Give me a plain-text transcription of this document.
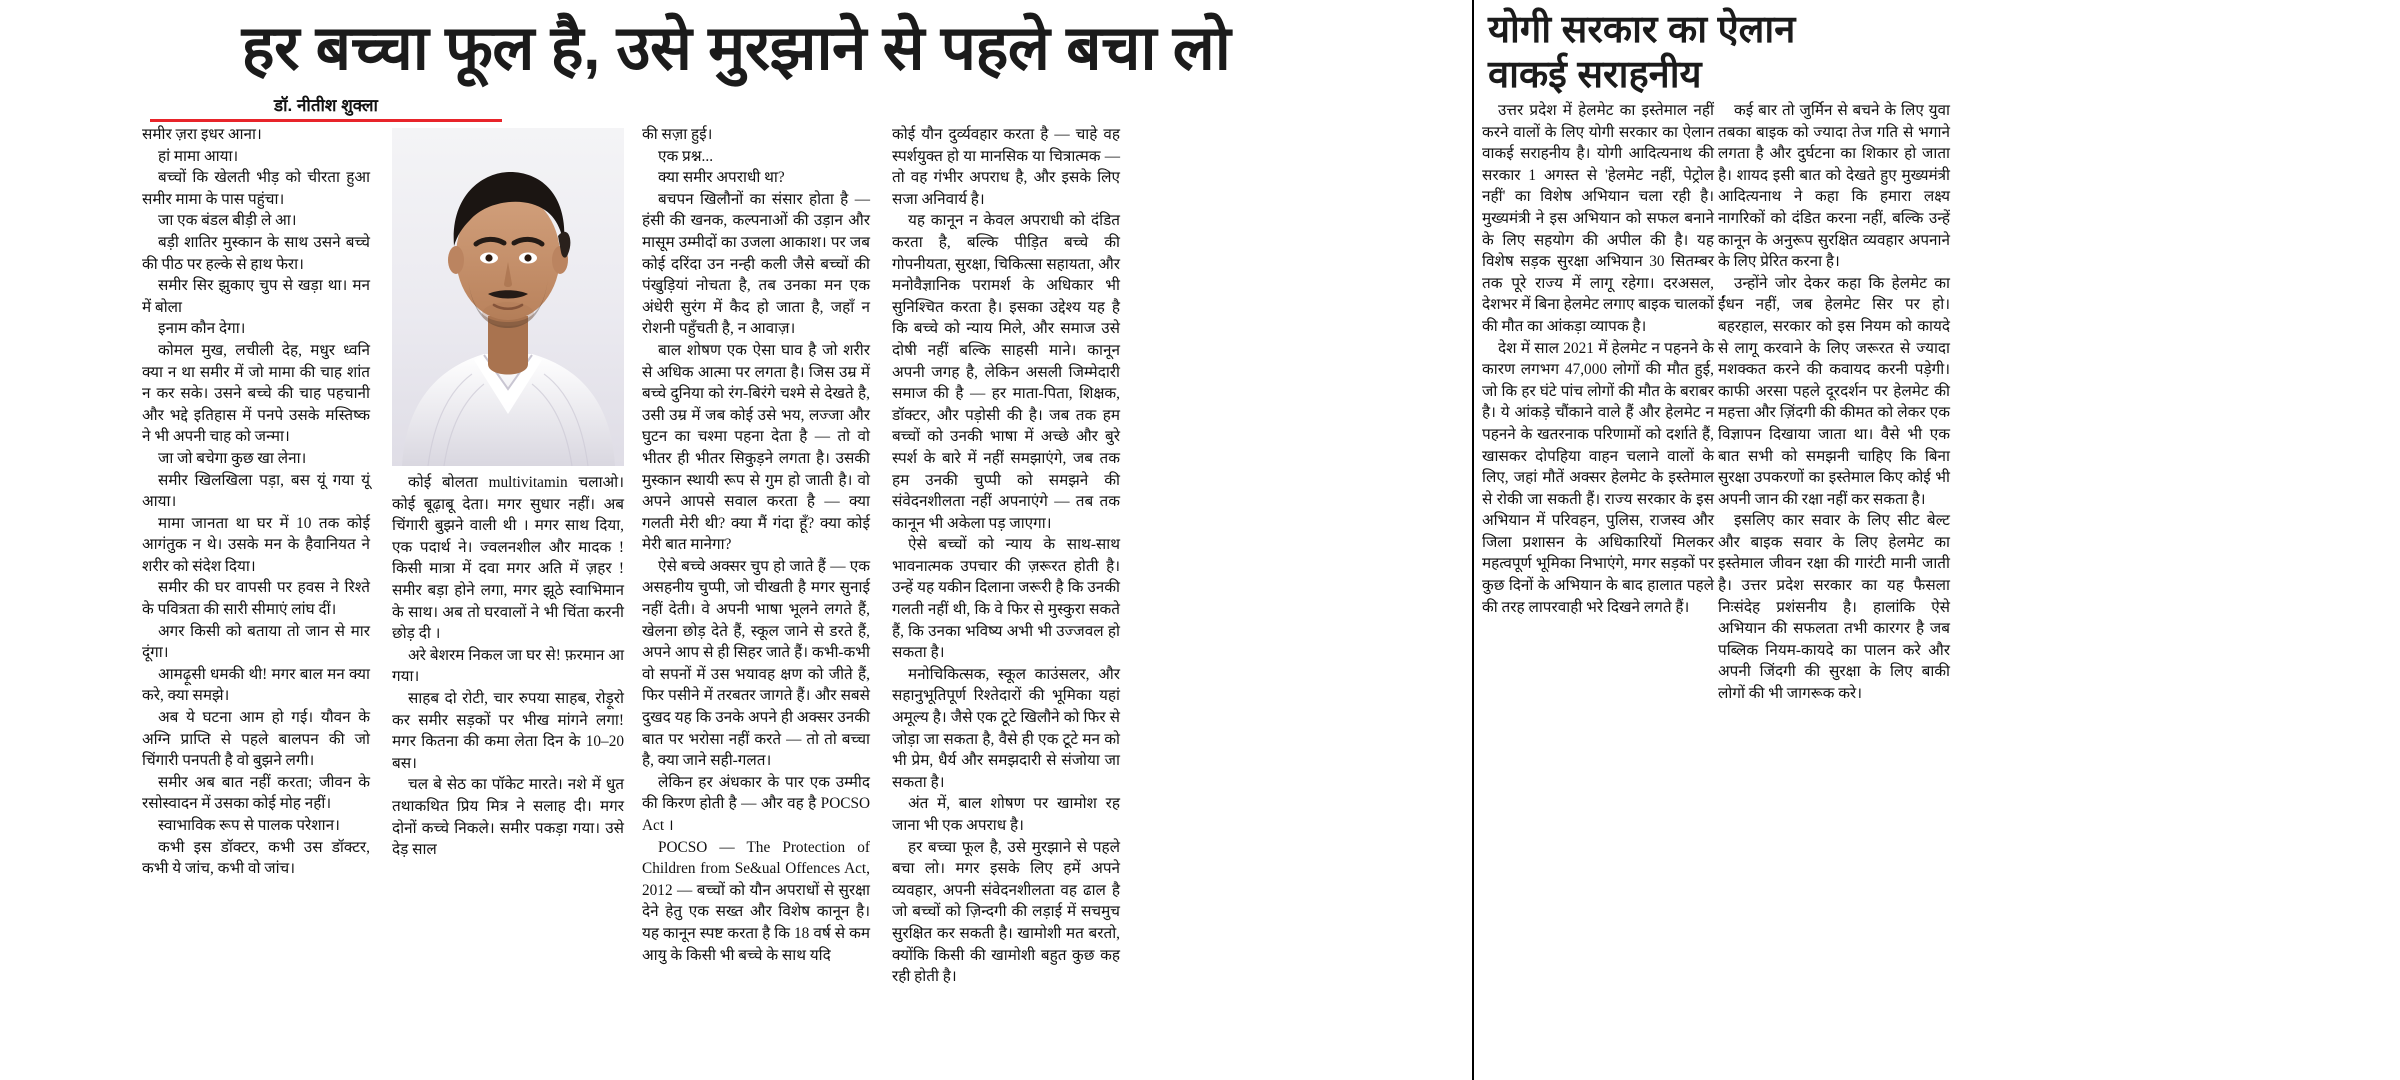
हर बच्चा फूल है, उसे मुरझाने से पहले बचा लो
डॉ. नीतीश शुक्ला

समीर ज़रा इधर आना।

हां मामा आया।

बच्चों कि खेलती भीड़ को चीरता हुआ समीर मामा के पास पहुंचा।

जा एक बंडल बीड़ी ले आ।

बड़ी शातिर मुस्कान के साथ उसने बच्चे की पीठ पर हल्के से हाथ फेरा।

समीर सिर झुकाए चुप से खड़ा था। मन में बोला

इनाम कौन देगा।

कोमल मुख, लचीली देह, मधुर ध्वनि क्या न था समीर में जो मामा की चाह शांत न कर सके। उसने बच्चे की चाह पहचानी और भद्दे इतिहास में पनपे उसके मस्तिष्क ने भी अपनी चाह को जन्मा।

जा जो बचेगा कुछ खा लेना।

समीर खिलखिला पड़ा, बस यूं गया यूं आया।

मामा जानता था घर में 10 तक कोई आगंतुक न थे। उसके मन के हैवानियत ने शरीर को संदेश दिया।

समीर की घर वापसी पर हवस ने रिश्ते के पवित्रता की सारी सीमाएं लांघ दीं।

अगर किसी को बताया तो जान से मार दूंगा।

आमढ़ूसी धमकी थी! मगर बाल मन क्या करे, क्या समझे।

अब ये घटना आम हो गई। यौवन के अग्नि प्राप्ति से पहले बालपन की जो चिंगारी पनपती है वो बुझने लगी।

समीर अब बात नहीं करता; जीवन के रसोस्वादन में उसका कोई मोह नहीं।

स्वाभाविक रूप से पालक परेशान।

कभी इस डॉक्टर, कभी उस डॉक्टर, कभी ये जांच, कभी वो जांच।

कोई बोलता multivitamin चलाओ। कोई बूढ़ाबू देता। मगर सुधार नहीं। अब चिंगारी बुझने वाली थी । मगर साथ दिया, एक पदार्थ ने। ज्वलनशील और मादक ! किसी मात्रा में दवा मगर अति में ज़हर ! समीर बड़ा होने लगा, मगर झूठे स्वाभिमान के साथ। अब तो घरवालों ने भी चिंता करनी छोड़ दी ।

अरे बेशरम निकल जा घर से! फ़रमान आ गया।

साहब दो रोटी, चार रुपया साहब, रोड़ूरो कर समीर सड़कों पर भीख मांगने लगा! मगर कितना की कमा लेता दिन के 10–20 बस।

चल बे सेठ का पॉकेट मारते। नशे में धुत तथाकथित प्रिय मित्र ने सलाह दी। मगर दोनों कच्चे निकले। समीर पकड़ा गया। उसे देड़ साल

की सज़ा हुई।

एक प्रश्न...

क्या समीर अपराधी था?

बचपन खिलौनों का संसार होता है — हंसी की खनक, कल्पनाओं की उड़ान और मासूम उम्मीदों का उजला आकाश। पर जब कोई दरिंदा उन नन्ही कली जैसे बच्चों की पंखुड़ियां नोचता है, तब उनका मन एक अंधेरी सुरंग में कैद हो जाता है, जहाँ न रोशनी पहुँचती है, न आवाज़।

बाल शोषण एक ऐसा घाव है जो शरीर से अधिक आत्मा पर लगता है। जिस उम्र में बच्चे दुनिया को रंग-बिरंगे चश्मे से देखते है, उसी उम्र में जब कोई उसे भय, लज्जा और घुटन का चश्मा पहना देता है — तो वो भीतर ही भीतर सिकुड़ने लगता है। उसकी मुस्कान स्थायी रूप से गुम हो जाती है। वो अपने आपसे सवाल करता है — क्या गलती मेरी थी? क्या मैं गंदा हूँ? क्या कोई मेरी बात मानेगा?

ऐसे बच्चे अक्सर चुप हो जाते हैं — एक असहनीय चुप्पी, जो चीखती है मगर सुनाई नहीं देती। वे अपनी भाषा भूलने लगते हैं, खेलना छोड़ देते हैं, स्कूल जाने से डरते हैं, अपने आप से ही सिहर जाते हैं। कभी-कभी वो सपनों में उस भयावह क्षण को जीते हैं, फिर पसीने में तरबतर जागते हैं। और सबसे दुखद यह कि उनके अपने ही अक्सर उनकी बात पर भरोसा नहीं करते — तो तो बच्चा है, क्या जाने सही-गलत।

लेकिन हर अंधकार के पार एक उम्मीद की किरण होती है — और वह है POCSO Act ।

POCSO — The Protection of Children from Se&ual Offences Act, 2012 — बच्चों को यौन अपराधों से सुरक्षा देने हेतु एक सख्त और विशेष कानून है। यह कानून स्पष्ट करता है कि 18 वर्ष से कम आयु के किसी भी बच्चे के साथ यदि

कोई यौन दुर्व्यवहार करता है — चाहे वह स्पर्शयुक्त हो या मानसिक या चित्रात्मक — तो वह गंभीर अपराध है, और इसके लिए सजा अनिवार्य है।

यह कानून न केवल अपराधी को दंडित करता है, बल्कि पीड़ित बच्चे की गोपनीयता, सुरक्षा, चिकित्सा सहायता, और मनोवैज्ञानिक परामर्श के अधिकार भी सुनिश्चित करता है। इसका उद्देश्य यह है कि बच्चे को न्याय मिले, और समाज उसे दोषी नहीं बल्कि साहसी माने। कानून अपनी जगह है, लेकिन असली जिम्मेदारी समाज की है — हर माता-पिता, शिक्षक, डॉक्टर, और पड़ोसी की है। जब तक हम बच्चों को उनकी भाषा में अच्छे और बुरे स्पर्श के बारे में नहीं समझाएंगे, जब तक हम उनकी चुप्पी को समझने की संवेदनशीलता नहीं अपनाएंगे — तब तक कानून भी अकेला पड़ जाएगा।

ऐसे बच्चों को न्याय के साथ-साथ भावनात्मक उपचार की ज़रूरत होती है। उन्हें यह यकीन दिलाना जरूरी है कि उनकी गलती नहीं थी, कि वे फिर से मुस्कुरा सकते हैं, कि उनका भविष्य अभी भी उज्जवल हो सकता है।

मनोचिकित्सक, स्कूल काउंसलर, और सहानुभूतिपूर्ण रिश्तेदारों की भूमिका यहां अमूल्य है। जैसे एक टूटे खिलौने को फिर से जोड़ा जा सकता है, वैसे ही एक टूटे मन को भी प्रेम, धैर्य और समझदारी से संजोया जा सकता है।

अंत में, बाल शोषण पर खामोश रह जाना भी एक अपराध है।

हर बच्चा फूल है, उसे मुरझाने से पहले बचा लो। मगर इसके लिए हमें अपने व्यवहार, अपनी संवेदनशीलता वह ढाल है जो बच्चों को ज़िन्दगी की लड़ाई में सचमुच सुरक्षित कर सकती है। खामोशी मत बरतो, क्योंकि किसी की खामोशी बहुत कुछ कह रही होती है।

योगी सरकार का ऐलान
वाकई सराहनीय

उत्तर प्रदेश में हेलमेट का इस्तेमाल नहीं करने वालों के लिए योगी सरकार का ऐलान वाकई सराहनीय है। योगी आदित्यनाथ की सरकार 1 अगस्त से 'हेलमेट नहीं, पेट्रोल नहीं' का विशेष अभियान चला रही है। मुख्यमंत्री ने इस अभियान को सफल बनाने के लिए सहयोग की अपील की है। यह विशेष सड़क सुरक्षा अभियान 30 सितम्बर तक पूरे राज्य में लागू रहेगा। दरअसल, देशभर में बिना हेलमेट लगाए बाइक चालकों की मौत का आंकड़ा व्यापक है।

देश में साल 2021 में हेलमेट न पहनने के कारण लगभग 47,000 लोगों की मौत हुई, जो कि हर घंटे पांच लोगों की मौत के बराबर है। ये आंकड़े चौंकाने वाले हैं और हेलमेट न पहनने के खतरनाक परिणामों को दर्शाते हैं, खासकर दोपहिया वाहन चलाने वालों के लिए, जहां मौतें अक्सर हेलमेट के इस्तेमाल से रोकी जा सकती हैं। राज्य सरकार के इस अभियान में परिवहन, पुलिस, राजस्व और जिला प्रशासन के अधिकारियों मिलकर महत्वपूर्ण भूमिका निभाएंगे, मगर सड़कों पर कुछ दिनों के अभियान के बाद हालात पहले की तरह लापरवाही भरे दिखने लगते हैं।

कई बार तो जुर्मिन से बचने के लिए युवा तबका बाइक को ज्यादा तेज गति से भगाने लगता है और दुर्घटना का शिकार हो जाता है। शायद इसी बात को देखते हुए मुख्यमंत्री आदित्यनाथ ने कहा कि हमारा लक्ष्य नागरिकों को दंडित करना नहीं, बल्कि उन्हें कानून के अनुरूप सुरक्षित व्यवहार अपनाने के लिए प्रेरित करना है।

उन्होंने जोर देकर कहा कि हेलमेट का ईंधन नहीं, जब हेलमेट सिर पर हो। बहरहाल, सरकार को इस नियम को कायदे से लागू करवाने के लिए जरूरत से ज्यादा मशक्कत करने की कवायद करनी पड़ेगी। काफी अरसा पहले दूरदर्शन पर हेलमेट की महत्ता और ज़िंदगी की कीमत को लेकर एक विज्ञापन दिखाया जाता था। वैसे भी एक बात सभी को समझनी चाहिए कि बिना सुरक्षा उपकरणों का इस्तेमाल किए कोई भी अपनी जान की रक्षा नहीं कर सकता है।

इसलिए कार सवार के लिए सीट बेल्ट और बाइक सवार के लिए हेलमेट का इस्तेमाल जीवन रक्षा की गारंटी मानी जाती है। उत्तर प्रदेश सरकार का यह फैसला निःसंदेह प्रशंसनीय है। हालांकि ऐसे अभियान की सफलता तभी कारगर है जब पब्लिक नियम-कायदे का पालन करे और अपनी जिंदगी की सुरक्षा के लिए बाकी लोगों की भी जागरूक करे।
